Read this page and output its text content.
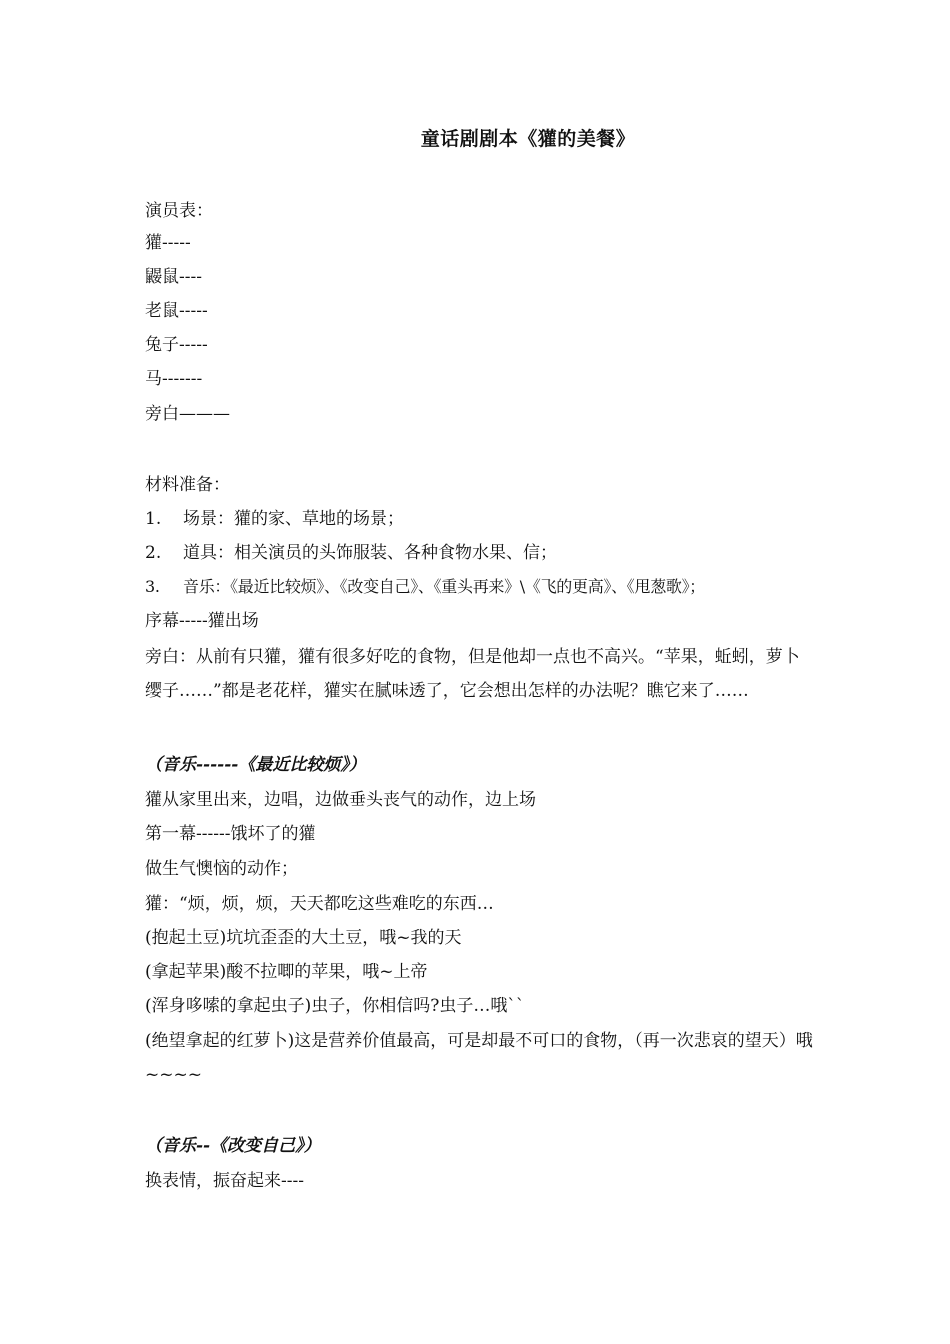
童话剧剧本《獾的美餐》
演员表：
獾-----
鼹鼠----
老鼠-----
兔子-----
马-------
旁白———
材料准备：
1. 场景：獾的家、草地的场景；
2. 道具：相关演员的头饰服装、各种食物水果、信；
3. 音乐：《最近比较烦》、《改变自己》、《重头再来》\《飞的更高》、《甩葱歌》；
序幕-----獾出场
旁白：从前有只獾，獾有很多好吃的食物，但是他却一点也不高兴。“苹果，蚯蚓，萝卜缨子……”都是老花样，獾实在腻味透了，它会想出怎样的办法呢？瞧它来了……
（音乐------《最近比较烦》）
獾从家里出来，边唱，边做垂头丧气的动作，边上场
第一幕------饿坏了的獾
做生气懊恼的动作；
獾：“烦，烦，烦，天天都吃这些难吃的东西…
(抱起土豆)坑坑歪歪的大土豆，哦~我的天
(拿起苹果)酸不拉唧的苹果，哦~上帝
(浑身哆嗦的拿起虫子)虫子，你相信吗?虫子…哦``
(绝望拿起的红萝卜)这是营养价值最高，可是却最不可口的食物，（再一次悲哀的望天）哦~~~~
（音乐--《改变自己》）
换表情，振奋起来----
